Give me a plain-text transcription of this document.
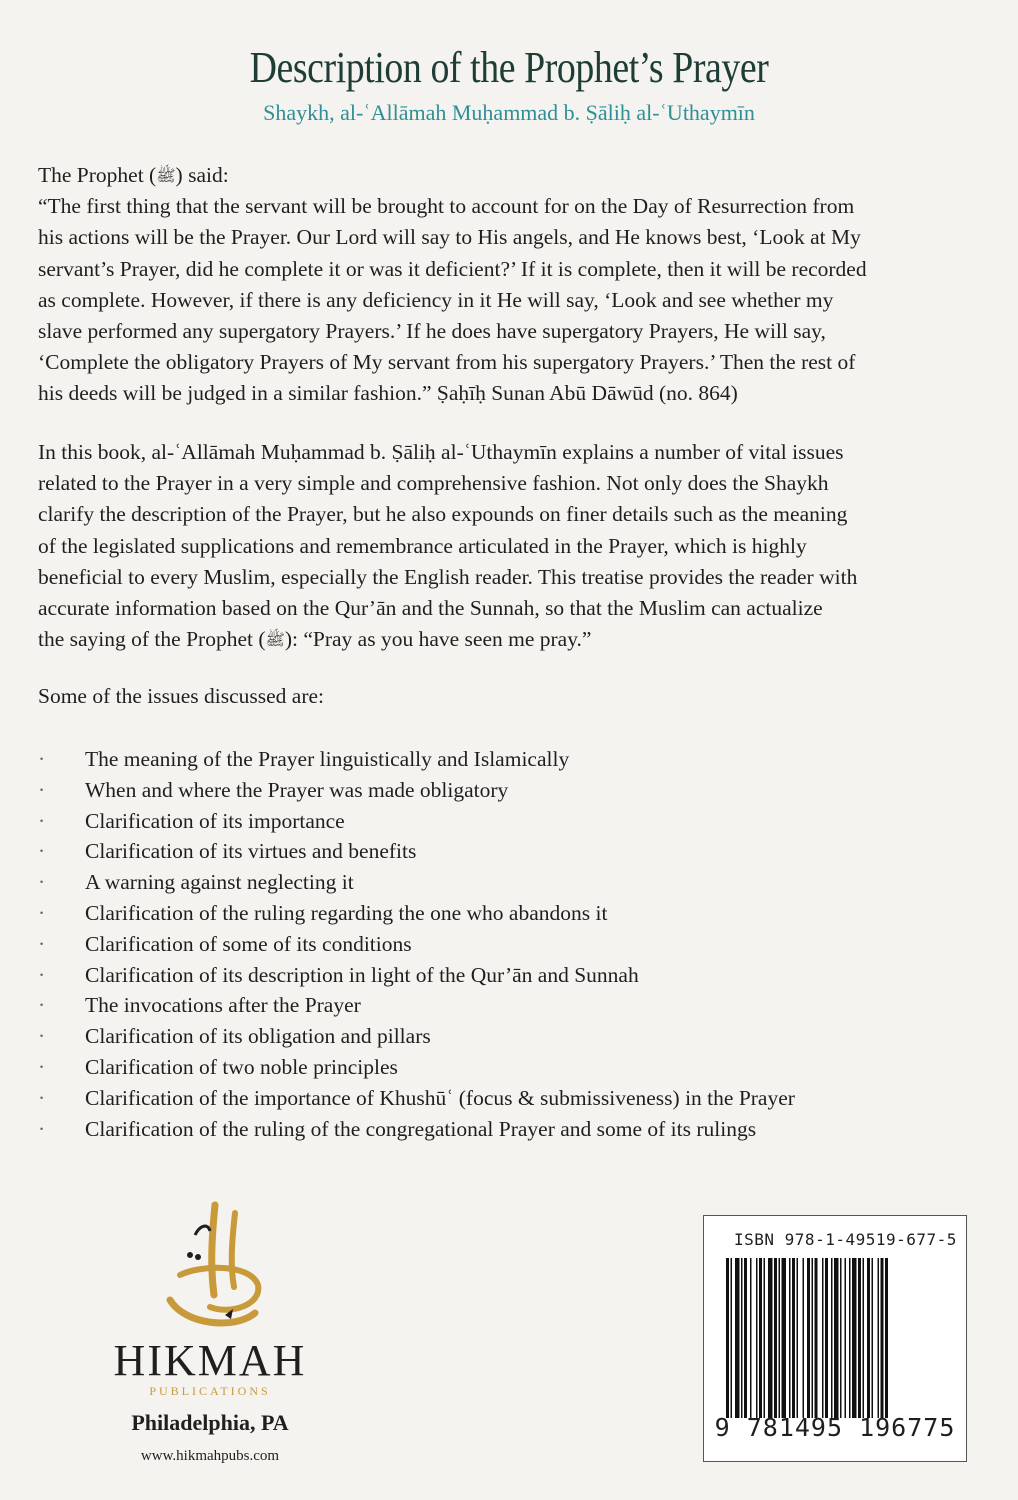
Description of the Prophet’s Prayer
Shaykh, al-ʿAllāmah Muḥammad b. Ṣāliḥ al-ʿUthaymīn
The Prophet (ﷺ) said:
“The first thing that the servant will be brought to account for on the Day of Resurrection from
his actions will be the Prayer. Our Lord will say to His angels, and He knows best, ‘Look at My
servant’s Prayer, did he complete it or was it deficient?’ If it is complete, then it will be recorded
as complete. However, if there is any deficiency in it He will say, ‘Look and see whether my
slave performed any supergatory Prayers.’ If he does have supergatory Prayers, He will say,
‘Complete the obligatory Prayers of My servant from his supergatory Prayers.’ Then the rest of
his deeds will be judged in a similar fashion.” Ṣaḥīḥ Sunan Abū Dāwūd (no. 864)
In this book, al-ʿAllāmah Muḥammad b. Ṣāliḥ al-ʿUthaymīn explains a number of vital issues
related to the Prayer in a very simple and comprehensive fashion. Not only does the Shaykh
clarify the description of the Prayer, but he also expounds on finer details such as the meaning
of the legislated supplications and remembrance articulated in the Prayer, which is highly
beneficial to every Muslim, especially the English reader. This treatise provides the reader with
accurate information based on the Qur’ān and the Sunnah, so that the Muslim can actualize
the saying of the Prophet (ﷺ): “Pray as you have seen me pray.”
Some of the issues discussed are:
· The meaning of the Prayer linguistically and Islamically
· When and where the Prayer was made obligatory
· Clarification of its importance
· Clarification of its virtues and benefits
· A warning against neglecting it
· Clarification of the ruling regarding the one who abandons it
· Clarification of some of its conditions
· Clarification of its description in light of the Qur’ān and Sunnah
· The invocations after the Prayer
· Clarification of its obligation and pillars
· Clarification of two noble principles
· Clarification of the importance of Khushūʿ (focus & submissiveness) in the Prayer
· Clarification of the ruling of the congregational Prayer and some of its rulings
HIKMAH
PUBLICATIONS
Philadelphia, PA
www.hikmahpubs.com
ISBN 978-1-49519-677-5
9 781495 196775
